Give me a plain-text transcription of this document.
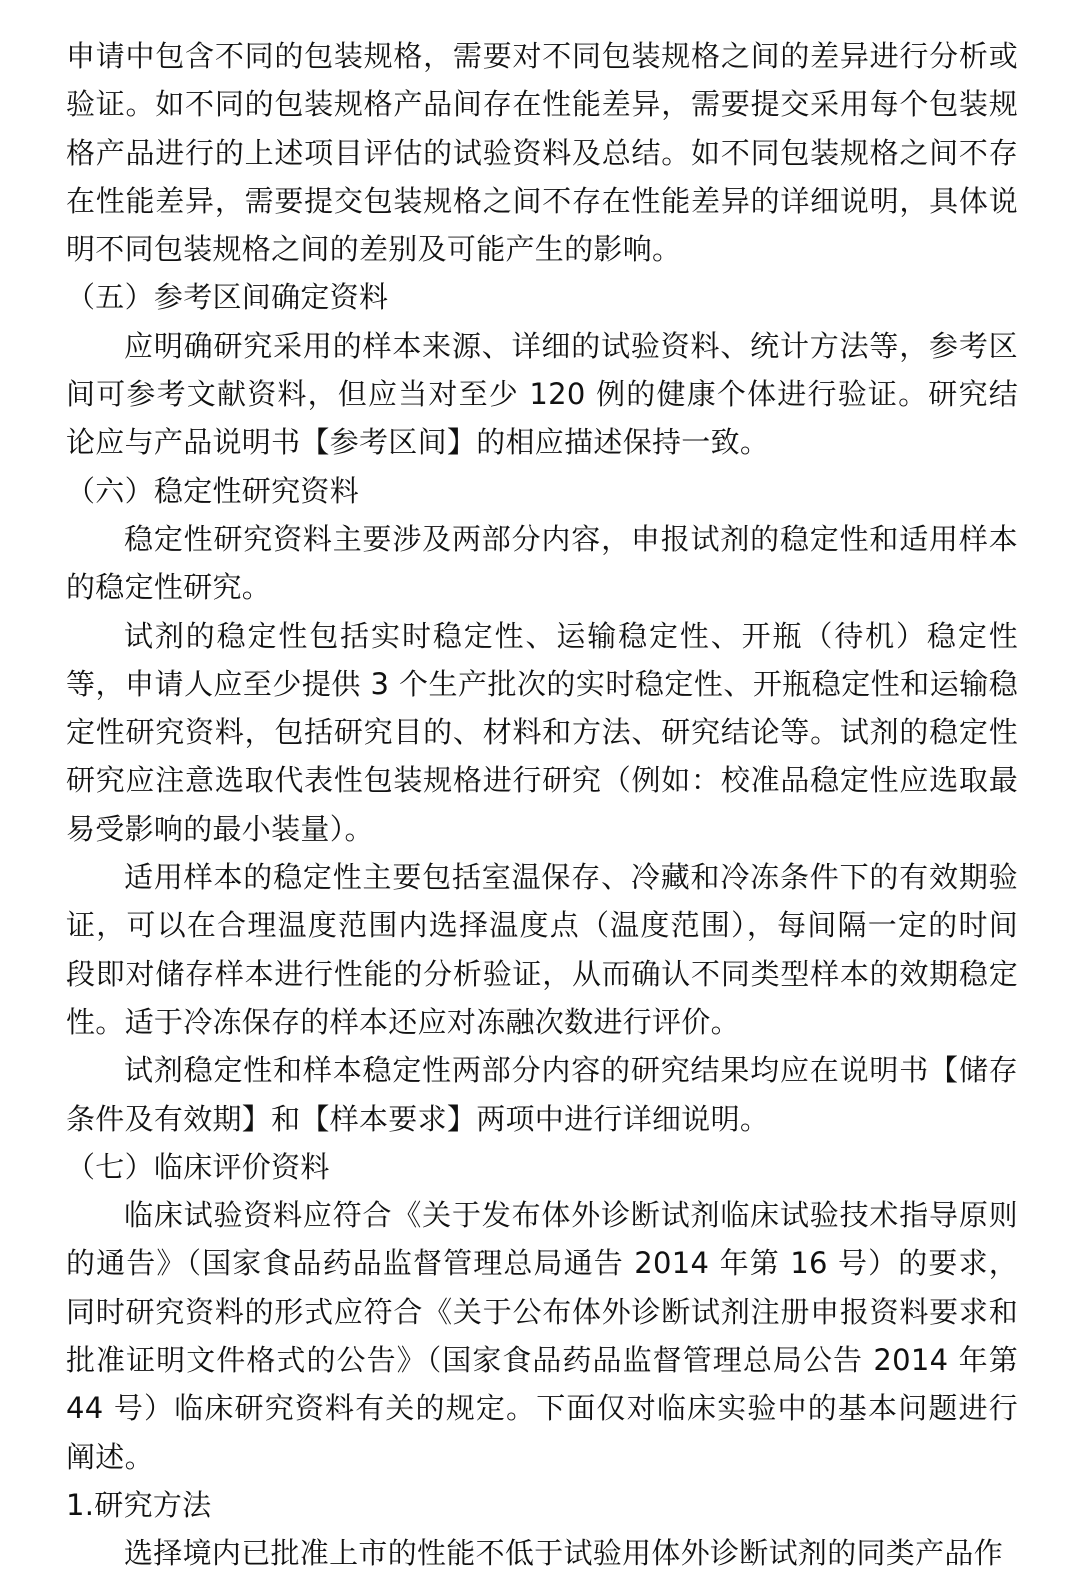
申请中包含不同的包装规格，需要对不同包装规格之间的差异进行分析或验证。如不同的包装规格产品间存在性能差异，需要提交采用每个包装规格产品进行的上述项目评估的试验资料及总结。如不同包装规格之间不存在性能差异，需要提交包装规格之间不存在性能差异的详细说明，具体说明不同包装规格之间的差别及可能产生的影响。

（五）参考区间确定资料

应明确研究采用的样本来源、详细的试验资料、统计方法等，参考区间可参考文献资料，但应当对至少 120 例的健康个体进行验证。研究结论应与产品说明书【参考区间】的相应描述保持一致。

（六）稳定性研究资料

稳定性研究资料主要涉及两部分内容，申报试剂的稳定性和适用样本的稳定性研究。

试剂的稳定性包括实时稳定性、运输稳定性、开瓶（待机）稳定性等，申请人应至少提供 3 个生产批次的实时稳定性、开瓶稳定性和运输稳定性研究资料，包括研究目的、材料和方法、研究结论等。试剂的稳定性研究应注意选取代表性包装规格进行研究（例如：校准品稳定性应选取最易受影响的最小装量）。

适用样本的稳定性主要包括室温保存、冷藏和冷冻条件下的有效期验证，可以在合理温度范围内选择温度点（温度范围），每间隔一定的时间段即对储存样本进行性能的分析验证，从而确认不同类型样本的效期稳定性。适于冷冻保存的样本还应对冻融次数进行评价。

试剂稳定性和样本稳定性两部分内容的研究结果均应在说明书【储存条件及有效期】和【样本要求】两项中进行详细说明。

（七）临床评价资料

临床试验资料应符合《关于发布体外诊断试剂临床试验技术指导原则的通告》（国家食品药品监督管理总局通告 2014 年第 16 号）的要求，同时研究资料的形式应符合《关于公布体外诊断试剂注册申报资料要求和批准证明文件格式的公告》（国家食品药品监督管理总局公告 2014 年第 44 号）临床研究资料有关的规定。下面仅对临床实验中的基本问题进行阐述。

1.研究方法

选择境内已批准上市的性能不低于试验用体外诊断试剂的同类产品作
